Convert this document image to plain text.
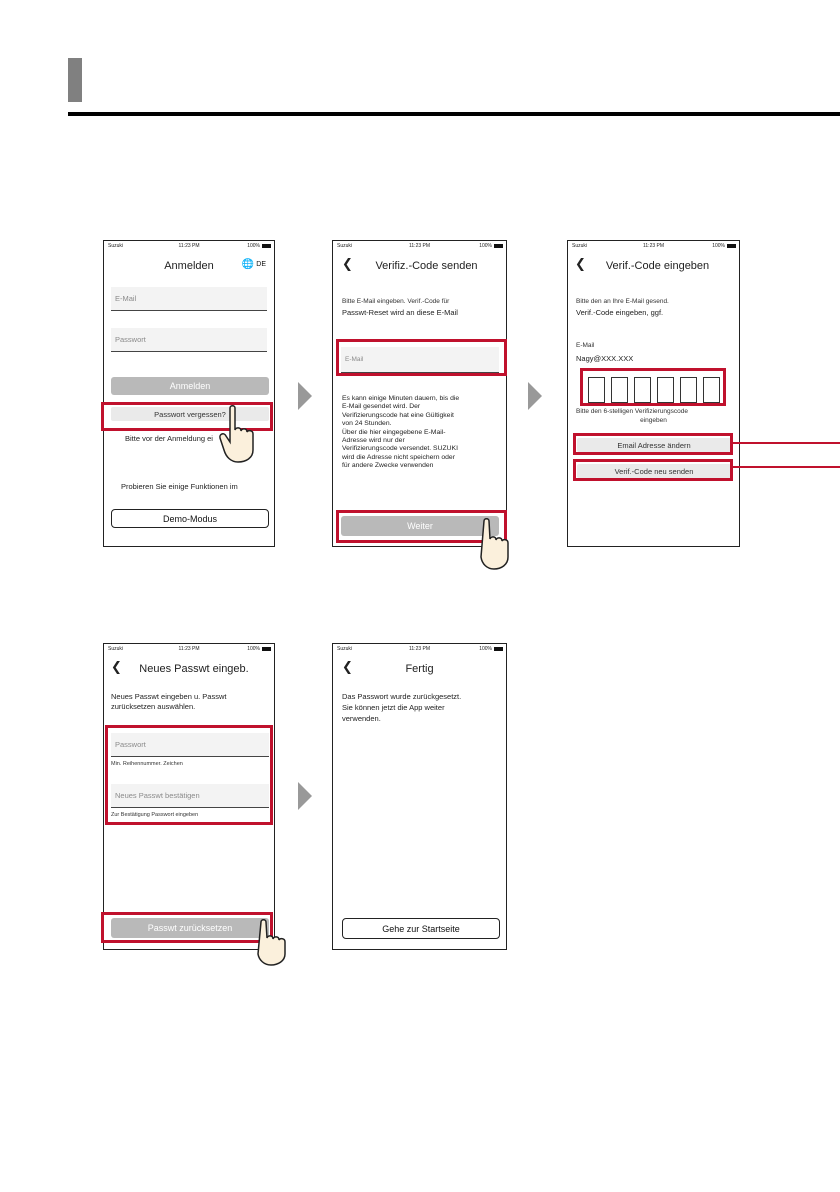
Suzuki	11:23 PM	100%
Anmelden	🌐 DE
E-Mail
Passwort
Anmelden
Passwort vergessen?
Bitte vor der Anmeldung ei
Probieren Sie einige Funktionen im
Demo-Modus
Suzuki	11:23 PM	100%
❮	Verifiz.-Code senden
Bitte E-Mail eingeben. Verif.-Code für
Passwt-Reset wird an diese E-Mail
E-Mail
Es kann einige Minuten dauern, bis die
E-Mail gesendet wird. Der
Verifizierungscode hat eine Gültigkeit
von 24 Stunden.
Über die hier eingegebene E-Mail-
Adresse wird nur der
Verifizierungscode versendet. SUZUKI
wird die Adresse nicht speichern oder
für andere Zwecke verwenden
Weiter
Suzuki	11:23 PM	100%
❮	Verif.-Code eingeben
Bitte den an Ihre E-Mail gesend.
Verif.-Code eingeben, ggf.
E-Mail
Nagy@XXX.XXX
Bitte den 6-stelligen Verifizierungscode
eingeben
Email Adresse ändern
Verif.-Code neu senden
Suzuki	11:23 PM	100%
❮	Neues Passwt eingeb.
Neues Passwt eingeben u. Passwt
zurücksetzen auswählen.
Passwort
Min. Reihennummer. Zeichen
Neues Passwt bestätigen
Zur Bestätigung Passwort eingeben
Passwt zurücksetzen
Suzuki	11:23 PM	100%
❮	Fertig
Das Passwort wurde zurückgesetzt.
Sie können jetzt die App weiter
verwenden.
Gehe zur Startseite
